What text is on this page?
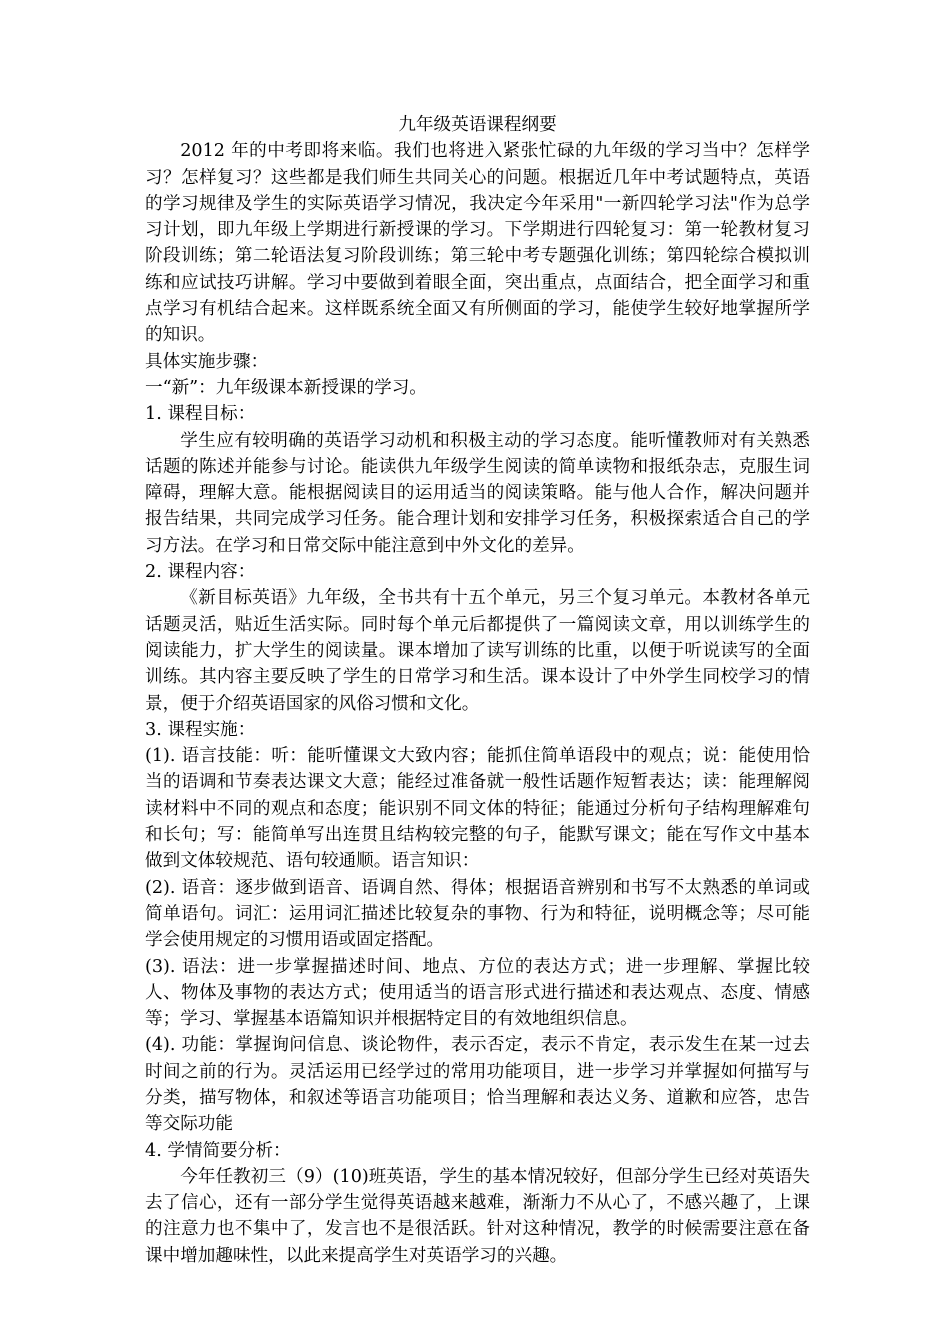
九年级英语课程纲要

2012 年的中考即将来临。我们也将进入紧张忙碌的九年级的学习当中？怎样学习？怎样复习？这些都是我们师生共同关心的问题。根据近几年中考试题特点，英语的学习规律及学生的实际英语学习情况，我决定今年采用"一新四轮学习法"作为总学习计划，即九年级上学期进行新授课的学习。下学期进行四轮复习：第一轮教材复习阶段训练；第二轮语法复习阶段训练；第三轮中考专题强化训练；第四轮综合模拟训练和应试技巧讲解。学习中要做到着眼全面，突出重点，点面结合，把全面学习和重点学习有机结合起来。这样既系统全面又有所侧面的学习，能使学生较好地掌握所学的知识。

具体实施步骤：

一“新”：九年级课本新授课的学习。

1. 课程目标：

学生应有较明确的英语学习动机和积极主动的学习态度。能听懂教师对有关熟悉话题的陈述并能参与讨论。能读供九年级学生阅读的简单读物和报纸杂志，克服生词障碍，理解大意。能根据阅读目的运用适当的阅读策略。能与他人合作，解决问题并报告结果，共同完成学习任务。能合理计划和安排学习任务，积极探索适合自己的学习方法。在学习和日常交际中能注意到中外文化的差异。

2. 课程内容：

《新目标英语》九年级，全书共有十五个单元，另三个复习单元。本教材各单元话题灵活，贴近生活实际。同时每个单元后都提供了一篇阅读文章，用以训练学生的阅读能力，扩大学生的阅读量。课本增加了读写训练的比重，以便于听说读写的全面训练。其内容主要反映了学生的日常学习和生活。课本设计了中外学生同校学习的情景，便于介绍英语国家的风俗习惯和文化。

3. 课程实施：

(1). 语言技能：听：能听懂课文大致内容；能抓住简单语段中的观点；说：能使用恰当的语调和节奏表达课文大意；能经过准备就一般性话题作短暂表达；读：能理解阅读材料中不同的观点和态度；能识别不同文体的特征；能通过分析句子结构理解难句和长句；写：能简单写出连贯且结构较完整的句子，能默写课文；能在写作文中基本做到文体较规范、语句较通顺。语言知识：

(2). 语音：逐步做到语音、语调自然、得体；根据语音辨别和书写不太熟悉的单词或简单语句。词汇：运用词汇描述比较复杂的事物、行为和特征，说明概念等；尽可能学会使用规定的习惯用语或固定搭配。

(3). 语法：进一步掌握描述时间、地点、方位的表达方式；进一步理解、掌握比较人、物体及事物的表达方式；使用适当的语言形式进行描述和表达观点、态度、情感等；学习、掌握基本语篇知识并根据特定目的有效地组织信息。

(4). 功能：掌握询问信息、谈论物件，表示否定，表示不肯定，表示发生在某一过去时间之前的行为。灵活运用已经学过的常用功能项目，进一步学习并掌握如何描写与分类，描写物体，和叙述等语言功能项目；恰当理解和表达义务、道歉和应答，忠告等交际功能

4. 学情简要分析：

今年任教初三（9）(10)班英语，学生的基本情况较好，但部分学生已经对英语失去了信心，还有一部分学生觉得英语越来越难，渐渐力不从心了，不感兴趣了，上课的注意力也不集中了，发言也不是很活跃。针对这种情况，教学的时候需要注意在备课中增加趣味性，以此来提高学生对英语学习的兴趣。
